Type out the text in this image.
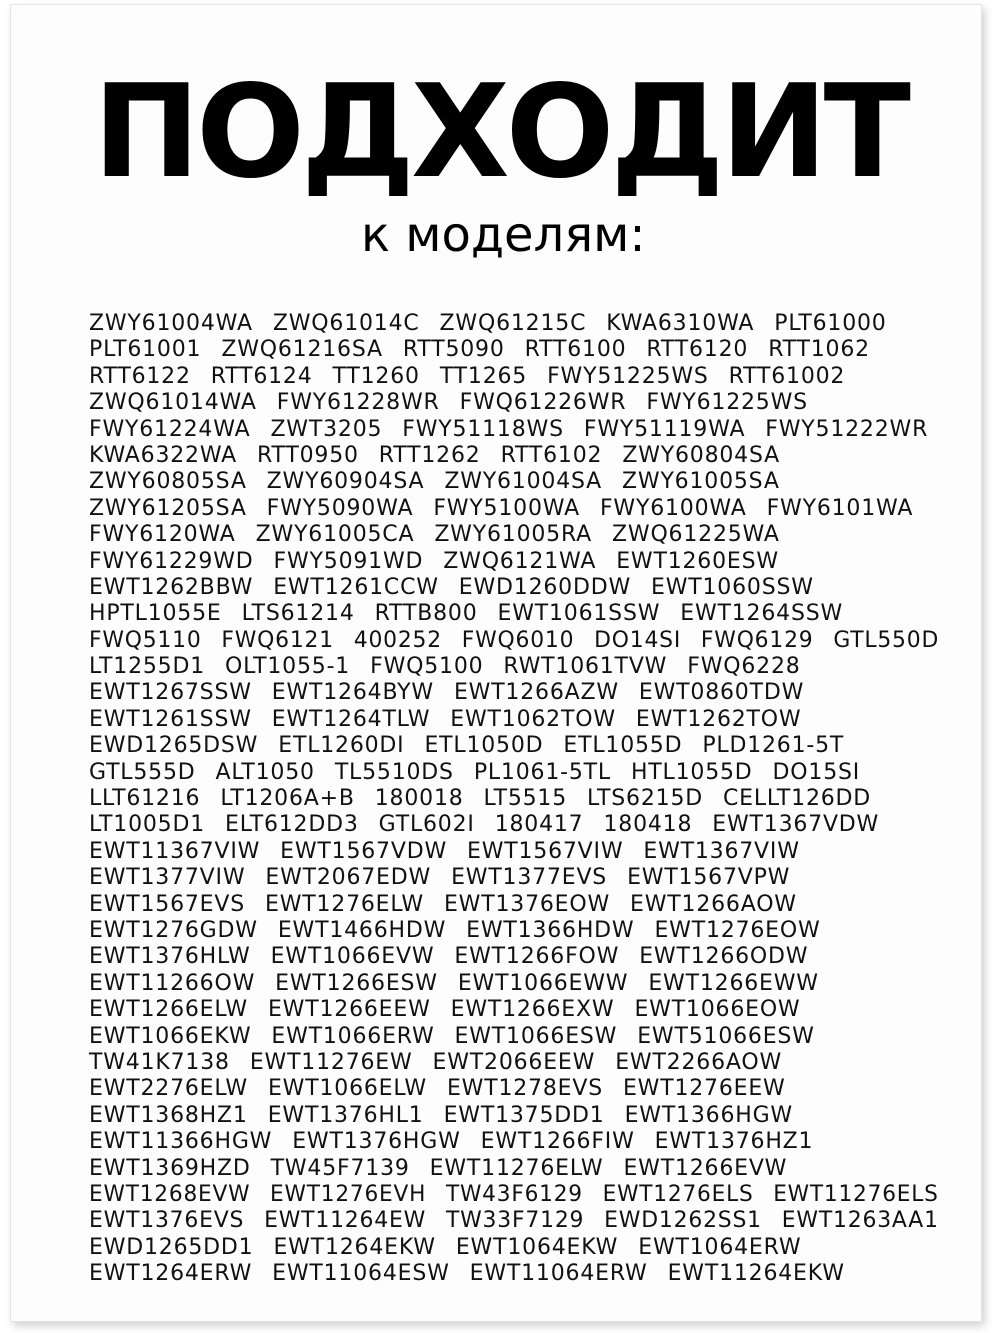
ПОДХОДИТ
к моделям:
ZWY61004WA ZWQ61014C ZWQ61215C KWA6310WA PLT61000
PLT61001 ZWQ61216SA RTT5090 RTT6100 RTT6120 RTT1062
RTT6122 RTT6124 TT1260 TT1265 FWY51225WS RTT61002
ZWQ61014WA FWY61228WR FWQ61226WR FWY61225WS
FWY61224WA ZWT3205 FWY51118WS FWY51119WA FWY51222WR
KWA6322WA RTT0950 RTT1262 RTT6102 ZWY60804SA
ZWY60805SA ZWY60904SA ZWY61004SA ZWY61005SA
ZWY61205SA FWY5090WA FWY5100WA FWY6100WA FWY6101WA
FWY6120WA ZWY61005CA ZWY61005RA ZWQ61225WA
FWY61229WD FWY5091WD ZWQ6121WA EWT1260ESW
EWT1262BBW EWT1261CCW EWD1260DDW EWT1060SSW
HPTL1055E LTS61214 RTTB800 EWT1061SSW EWT1264SSW
FWQ5110 FWQ6121 400252 FWQ6010 DO14SI FWQ6129 GTL550D
LT1255D1 OLT1055-1 FWQ5100 RWT1061TVW FWQ6228
EWT1267SSW EWT1264BYW EWT1266AZW EWT0860TDW
EWT1261SSW EWT1264TLW EWT1062TOW EWT1262TOW
EWD1265DSW ETL1260DI ETL1050D ETL1055D PLD1261-5T
GTL555D ALT1050 TL5510DS PL1061-5TL HTL1055D DO15SI
LLT61216 LT1206A+B 180018 LT5515 LTS6215D CELLT126DD
LT1005D1 ELT612DD3 GTL602I 180417 180418 EWT1367VDW
EWT11367VIW EWT1567VDW EWT1567VIW EWT1367VIW
EWT1377VIW EWT2067EDW EWT1377EVS EWT1567VPW
EWT1567EVS EWT1276ELW EWT1376EOW EWT1266AOW
EWT1276GDW EWT1466HDW EWT1366HDW EWT1276EOW
EWT1376HLW EWT1066EVW EWT1266FOW EWT1266ODW
EWT11266OW EWT1266ESW EWT1066EWW EWT1266EWW
EWT1266ELW EWT1266EEW EWT1266EXW EWT1066EOW
EWT1066EKW EWT1066ERW EWT1066ESW EWT51066ESW
TW41K7138 EWT11276EW EWT2066EEW EWT2266AOW
EWT2276ELW EWT1066ELW EWT1278EVS EWT1276EEW
EWT1368HZ1 EWT1376HL1 EWT1375DD1 EWT1366HGW
EWT11366HGW EWT1376HGW EWT1266FIW EWT1376HZ1
EWT1369HZD TW45F7139 EWT11276ELW EWT1266EVW
EWT1268EVW EWT1276EVH TW43F6129 EWT1276ELS EWT11276ELS
EWT1376EVS EWT11264EW TW33F7129 EWD1262SS1 EWT1263AA1
EWD1265DD1 EWT1264EKW EWT1064EKW EWT1064ERW
EWT1264ERW EWT11064ESW EWT11064ERW EWT11264EKW
